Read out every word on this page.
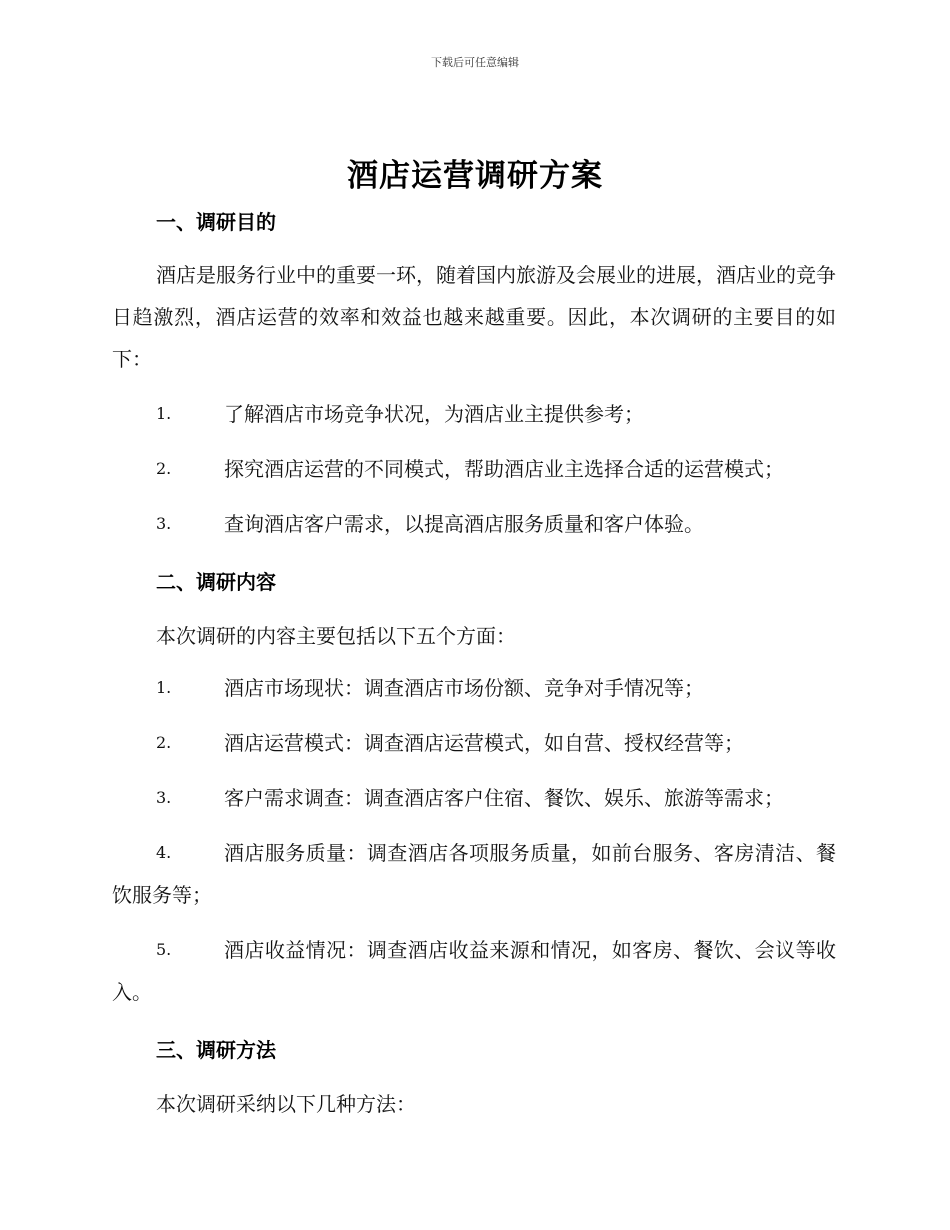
下载后可任意编辑
酒店运营调研方案
一、调研目的
酒店是服务行业中的重要一环，随着国内旅游及会展业的进展，酒店业的竞争日趋激烈，酒店运营的效率和效益也越来越重要。因此，本次调研的主要目的如下：
1.	了解酒店市场竞争状况，为酒店业主提供参考；
2.	探究酒店运营的不同模式，帮助酒店业主选择合适的运营模式；
3.	查询酒店客户需求，以提高酒店服务质量和客户体验。
二、调研内容
本次调研的内容主要包括以下五个方面：
1.	酒店市场现状：调查酒店市场份额、竞争对手情况等；
2.	酒店运营模式：调查酒店运营模式，如自营、授权经营等；
3.	客户需求调查：调查酒店客户住宿、餐饮、娱乐、旅游等需求；
4.	酒店服务质量：调查酒店各项服务质量，如前台服务、客房清洁、餐饮服务等；
5.	酒店收益情况：调查酒店收益来源和情况，如客房、餐饮、会议等收入。
三、调研方法
本次调研采纳以下几种方法：
